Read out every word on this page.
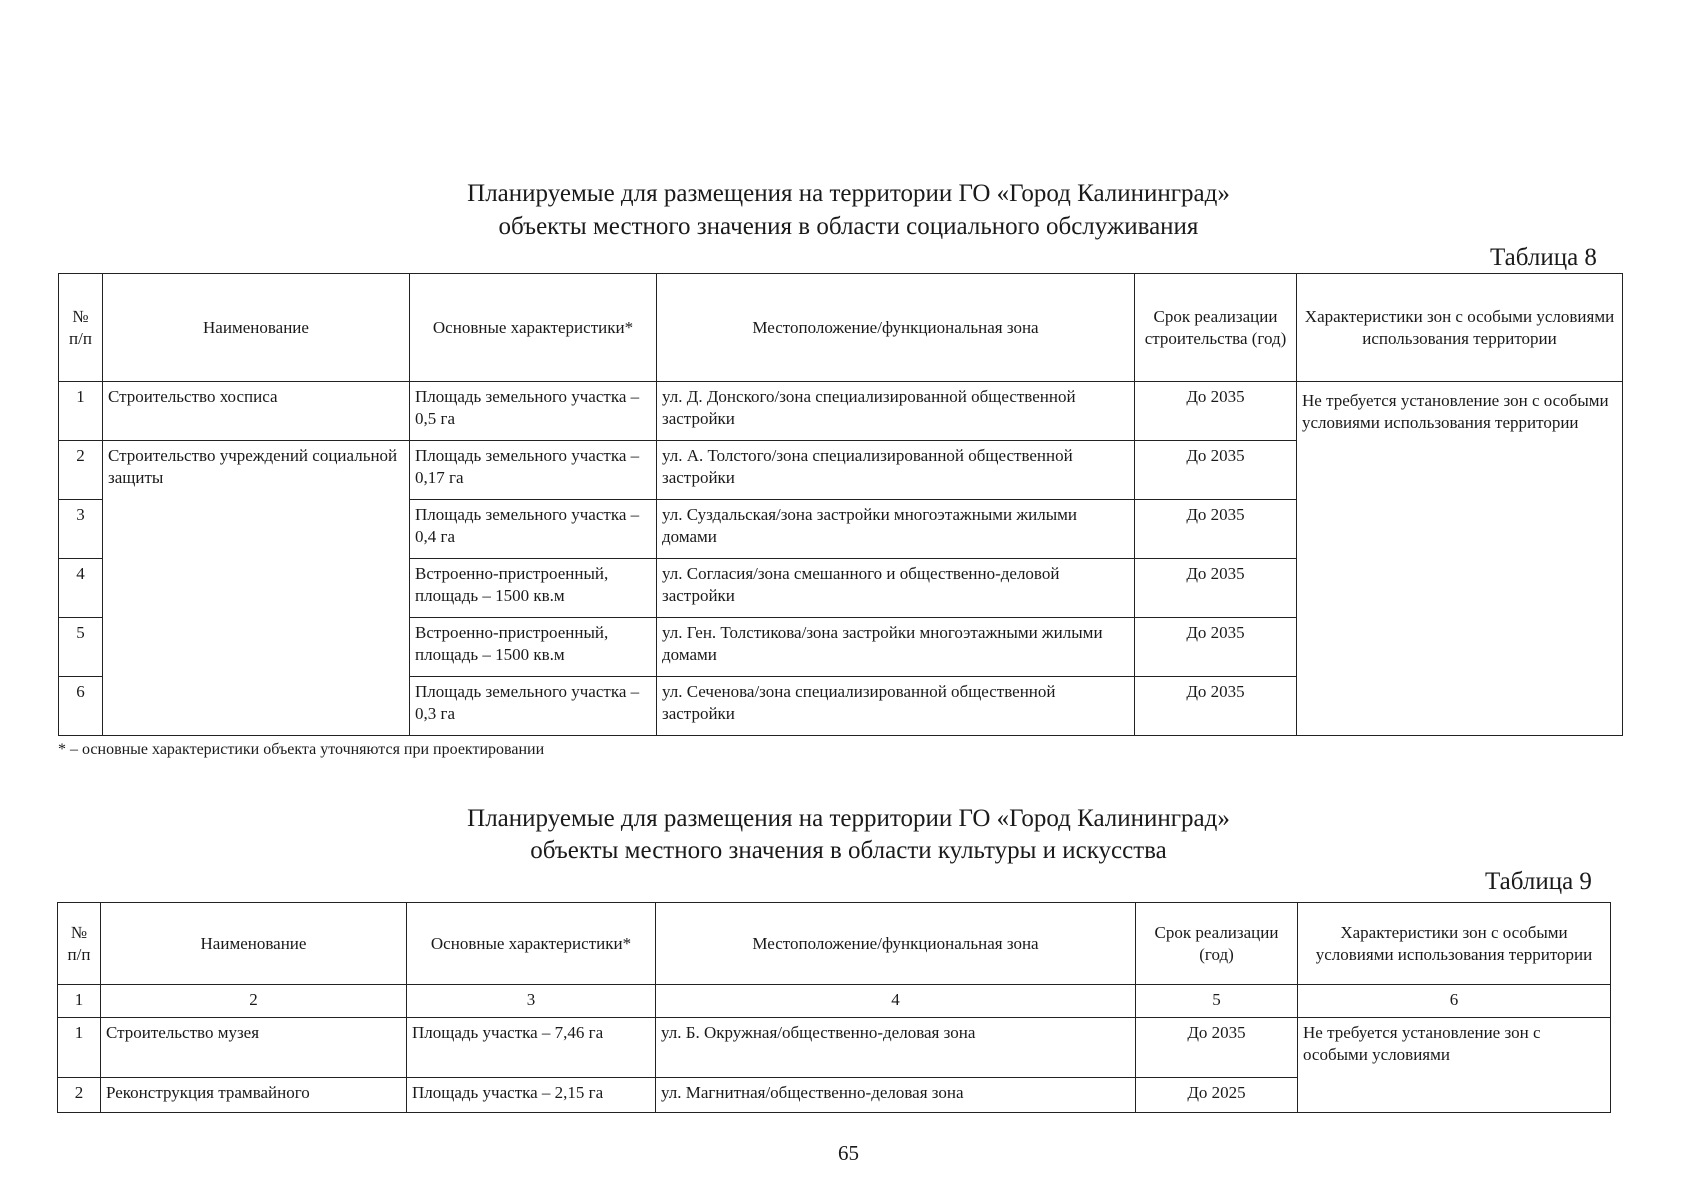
Планируемые для размещения на территории ГО «Город Калининград»
объекты местного значения в области социального обслуживания
Таблица 8
№ п/п	Наименование	Основные характеристики*	Местоположение/функциональная зона	Срок реализации строительства (год)	Характеристики зон с особыми условиями использования территории
1	Строительство хосписа	Площадь земельного участка – 0,5 га	ул. Д. Донского/зона специализированной общественной застройки	До 2035	Не требуется установление зон с особыми условиями использования территории
2	Строительство учреждений социальной защиты	Площадь земельного участка – 0,17 га	ул. А. Толстого/зона специализированной общественной застройки	До 2035	
3		Площадь земельного участка – 0,4 га	ул. Суздальская/зона застройки многоэтажными жилыми домами	До 2035	
4		Встроенно-пристроенный, площадь – 1500 кв.м	ул. Согласия/зона смешанного и общественно-деловой застройки	До 2035	
5		Встроенно-пристроенный, площадь – 1500 кв.м	ул. Ген. Толстикова/зона застройки многоэтажными жилыми домами	До 2035	
6		Площадь земельного участка – 0,3 га	ул. Сеченова/зона специализированной общественной застройки	До 2035	
* – основные характеристики объекта уточняются при проектировании
Планируемые для размещения на территории ГО «Город Калининград»
объекты местного значения в области культуры и искусства
Таблица 9
№ п/п	Наименование	Основные характеристики*	Местоположение/функциональная зона	Срок реализации (год)	Характеристики зон с особыми условиями использования территории
1	2	3	4	5	6
1	Строительство музея	Площадь участка – 7,46 га	ул. Б. Окружная/общественно-деловая зона	До 2035	Не требуется установление зон с особыми условиями
2	Реконструкция трамвайного	Площадь участка – 2,15 га	ул. Магнитная/общественно-деловая зона	До 2025	
65
